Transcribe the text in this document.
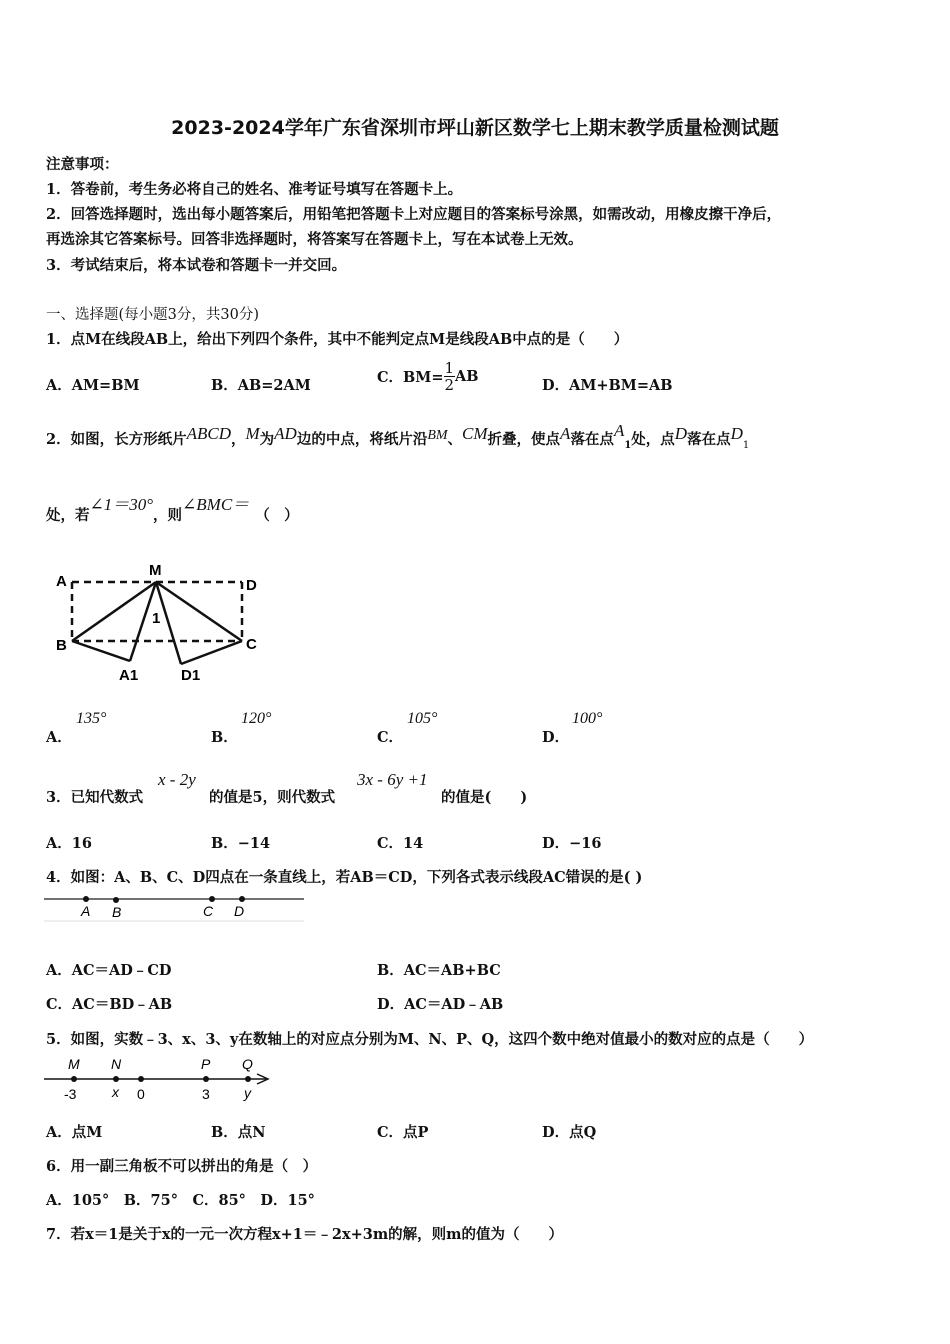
2023-2024学年广东省深圳市坪山新区数学七上期末教学质量检测试题
注意事项：
1．答卷前，考生务必将自己的姓名、准考证号填写在答题卡上。
2．回答选择题时，选出每小题答案后，用铅笔把答题卡上对应题目的答案标号涂黑，如需改动，用橡皮擦干净后，
再选涂其它答案标号。回答非选择题时，将答案写在答题卡上，写在本试卷上无效。
3．考试结束后，将本试卷和答题卡一并交回。
一、选择题(每小题3分，共30分)
1．点M在线段AB上，给出下列四个条件，其中不能判定点M是线段AB中点的是（　　）
A．AM=BM	B．AB=2AM	C．$BM= \frac{1}{2}$ AB
D．AM+BM=AB
2．如图，长方形纸片ABCD，M为AD边的中点，将纸片沿BM、CM折叠，使点A落在点$A_1$处，点D落在点$D_1$
处，若∠1＝30°，则∠BMC＝（　）
A
M
D
B	C
1
A1	D1
A．
135°
B．
120°
C．
105°
D．
100°
3．已知代数式
x - 2y
的值是5，则代数式
3x - 6y +1
的值是(　　)
A．16	B．−14	C．14	D．−16
4．如图：A、B、C、D四点在一条直线上，若AB＝CD，下列各式表示线段AC错误的是( )
A B	C D
A．AC＝AD﹣CD	B．AC＝AB+BC
C．AC＝BD﹣AB	D．AC＝AD﹣AB
5．如图，实数﹣3、x、3、y在数轴上的对应点分别为M、N、P、Q，这四个数中绝对值最小的数对应的点是（　　）
M N	P Q
-3	x 0	3 y
A．点M	B．点N	C．点P	D．点Q
6．用一副三角板不可以拼出的角是（　）
A．105°　B．75°　C．85°　D．15°
7．若x＝1是关于x的一元一次方程x+1＝﹣2x+3m的解，则m的值为（　　）
